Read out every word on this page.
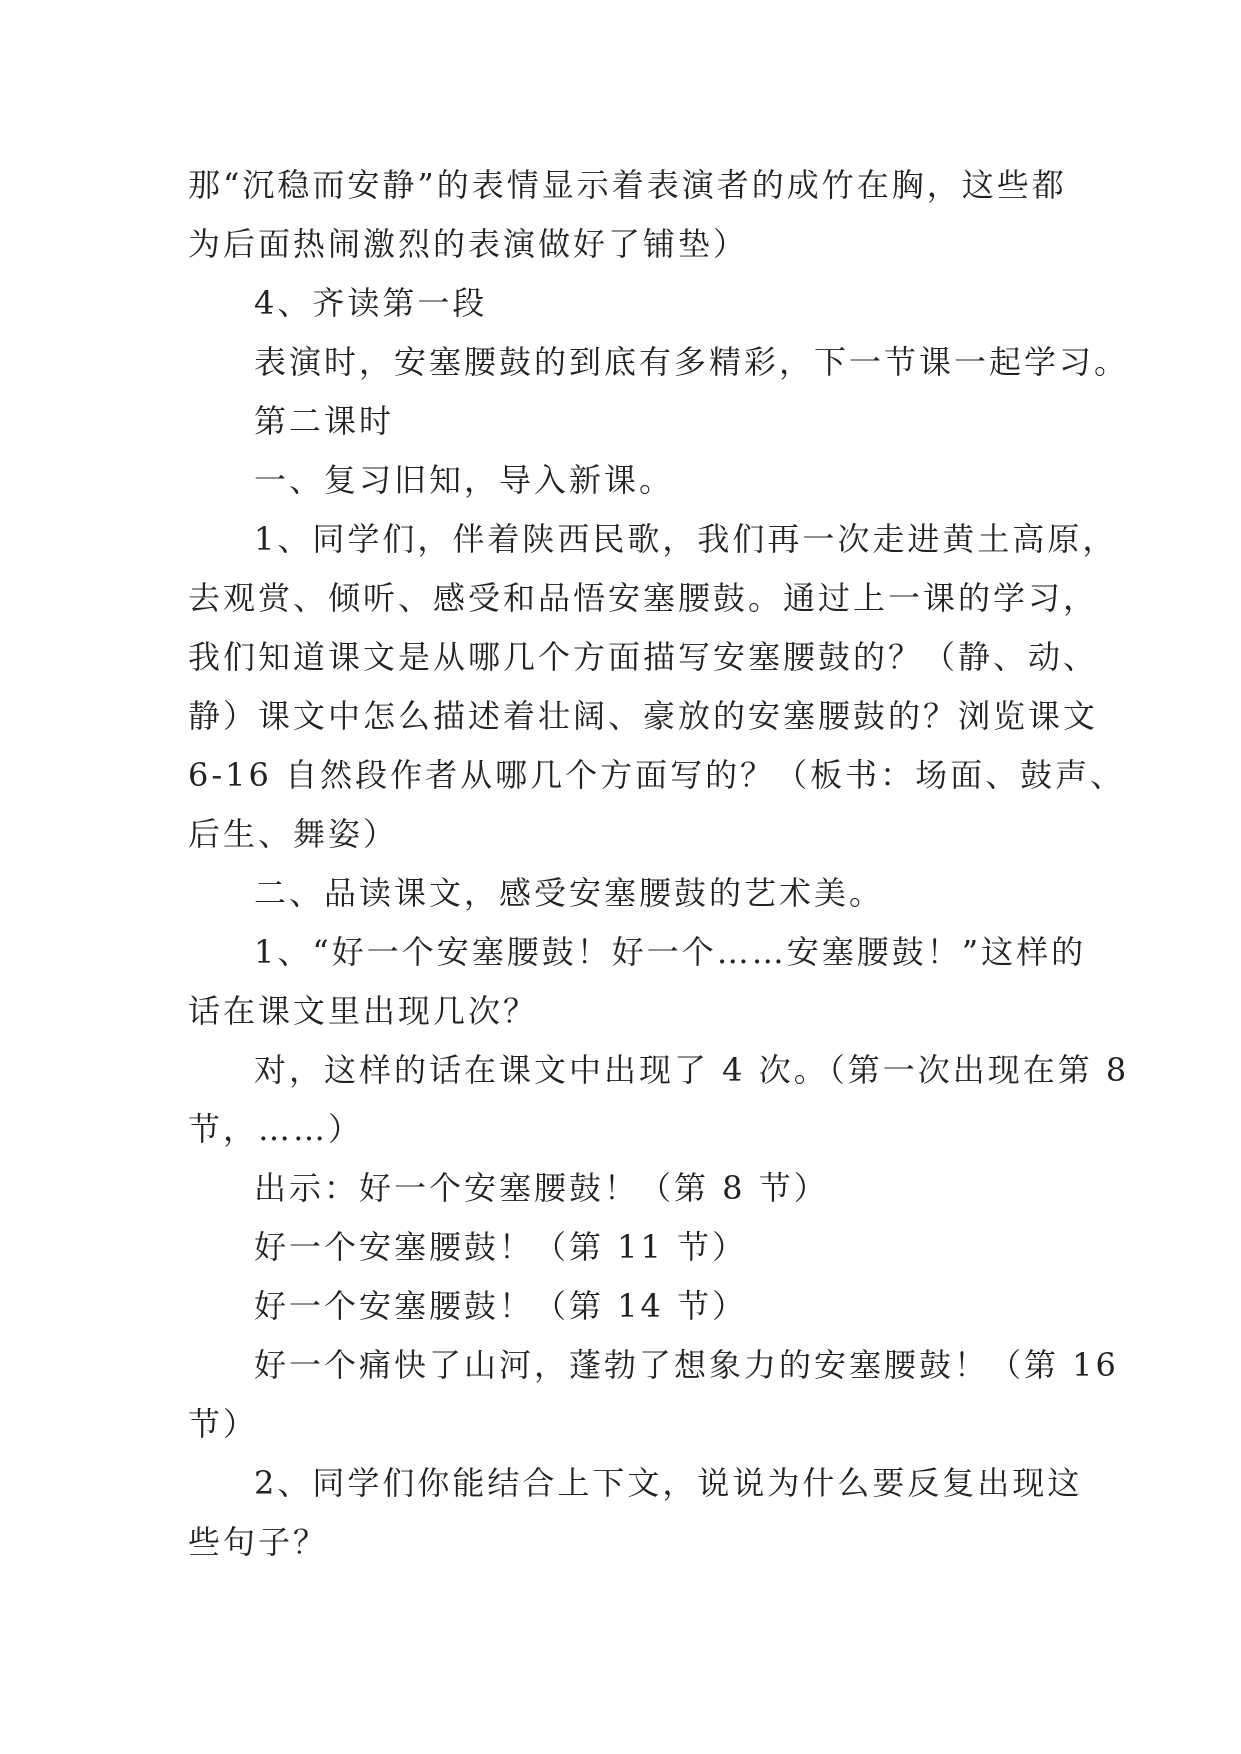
那“沉稳而安静”的表情显示着表演者的成竹在胸，这些都
为后面热闹激烈的表演做好了铺垫）
4、齐读第一段
表演时，安塞腰鼓的到底有多精彩，下一节课一起学习。
第二课时
一、复习旧知，导入新课。
1、同学们，伴着陕西民歌，我们再一次走进黄土高原，
去观赏、倾听、感受和品悟安塞腰鼓。通过上一课的学习，
我们知道课文是从哪几个方面描写安塞腰鼓的？（静、动、
静）课文中怎么描述着壮阔、豪放的安塞腰鼓的？浏览课文
6-16 自然段作者从哪几个方面写的？（板书：场面、鼓声、
后生、舞姿）
二、品读课文，感受安塞腰鼓的艺术美。
1、“好一个安塞腰鼓！好一个……安塞腰鼓！”这样的
话在课文里出现几次？
对，这样的话在课文中出现了 4 次。（第一次出现在第 8
节，……）
出示：好一个安塞腰鼓！（第 8 节）
好一个安塞腰鼓！（第 11 节）
好一个安塞腰鼓！（第 14 节）
好一个痛快了山河，蓬勃了想象力的安塞腰鼓！（第 16
节）
2、同学们你能结合上下文，说说为什么要反复出现这
些句子？
